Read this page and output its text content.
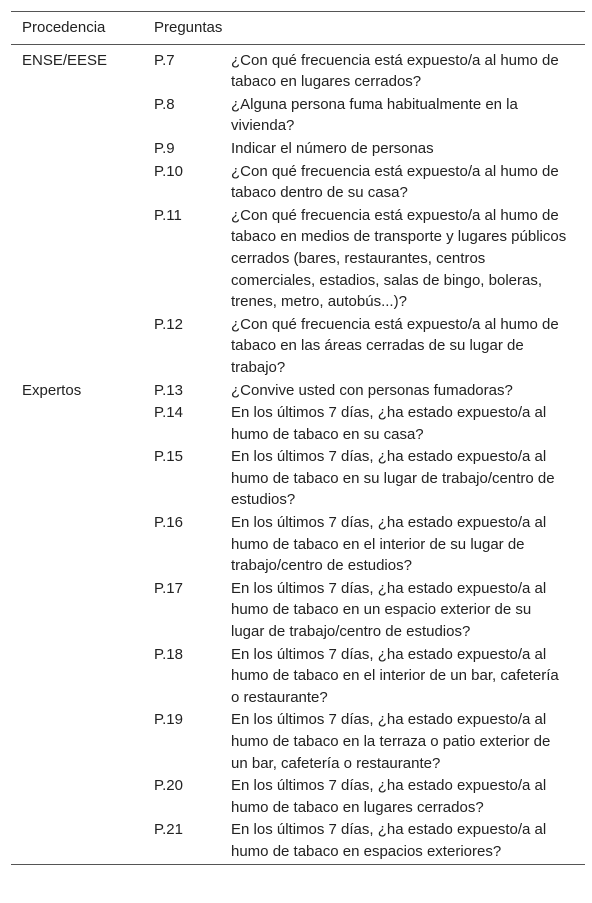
Procedencia	Preguntas	
ENSE/EESE	P.7	¿Con qué frecuencia está expuesto/a al humo de tabaco en lugares cerrados?
	P.8	¿Alguna persona fuma habitualmente en la vivienda?
	P.9	Indicar el número de personas
	P.10	¿Con qué frecuencia está expuesto/a al humo de tabaco dentro de su casa?
	P.11	¿Con qué frecuencia está expuesto/a al humo de tabaco en medios de transporte y lugares públicos cerrados (bares, restaurantes, centros comerciales, estadios, salas de bingo, boleras, trenes, metro, autobús...)?
	P.12	¿Con qué frecuencia está expuesto/a al humo de tabaco en las áreas cerradas de su lugar de trabajo?
Expertos	P.13	¿Convive usted con personas fumadoras?
	P.14	En los últimos 7 días, ¿ha estado expuesto/a al humo de tabaco en su casa?
	P.15	En los últimos 7 días, ¿ha estado expuesto/a al humo de tabaco en su lugar de trabajo/centro de estudios?
	P.16	En los últimos 7 días, ¿ha estado expuesto/a al humo de tabaco en el interior de su lugar de trabajo/centro de estudios?
	P.17	En los últimos 7 días, ¿ha estado expuesto/a al humo de tabaco en un espacio exterior de su lugar de trabajo/centro de estudios?
	P.18	En los últimos 7 días, ¿ha estado expuesto/a al humo de tabaco en el interior de un bar, cafetería o restaurante?
	P.19	En los últimos 7 días, ¿ha estado expuesto/a al humo de tabaco en la terraza o patio exterior de un bar, cafetería o restaurante?
	P.20	En los últimos 7 días, ¿ha estado expuesto/a al humo de tabaco en lugares cerrados?
	P.21	En los últimos 7 días, ¿ha estado expuesto/a al humo de tabaco en espacios exteriores?
